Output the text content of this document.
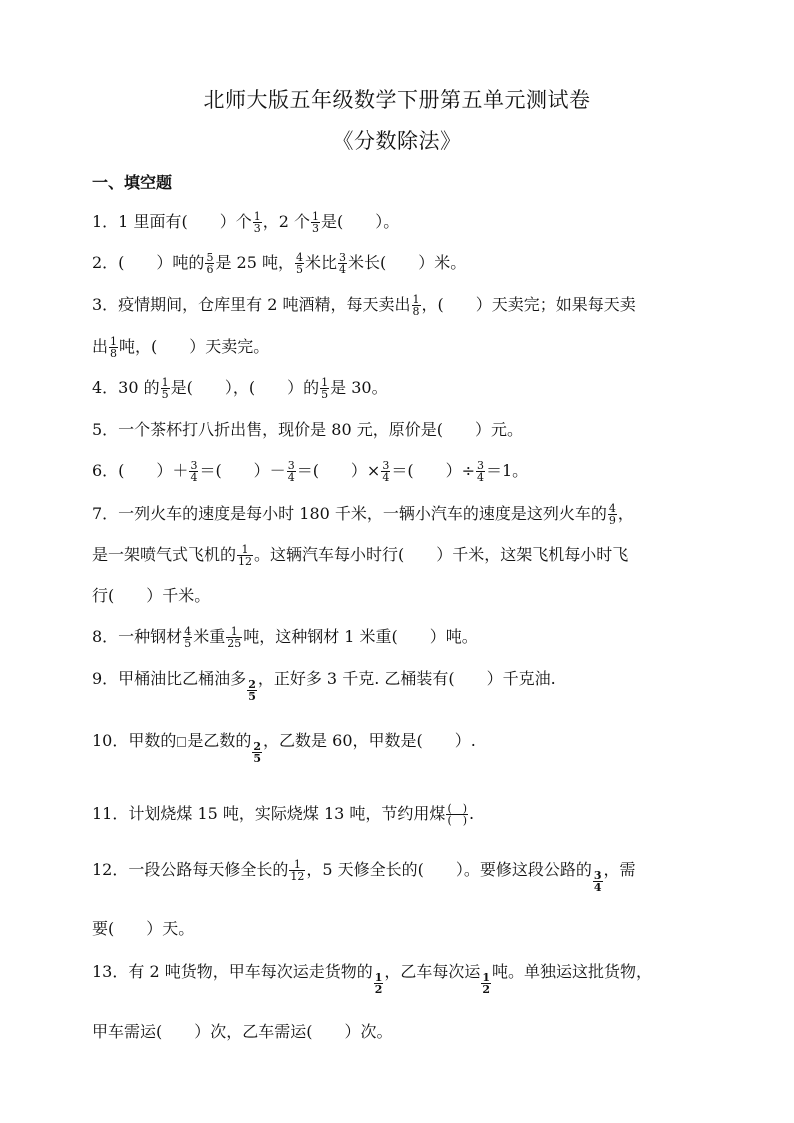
北师大版五年级数学下册第五单元测试卷
《分数除法》
一、填空题
1．1 里面有(　　）个 $\frac{1}{3}$ ，2 个 $\frac{1}{3}$ 是(　　）。
2．(　　）吨的 $\frac{5}{6}$ 是 25 吨， $\frac{4}{5}$ 米比 $\frac{3}{4}$ 米长(　　）米。
3．疫情期间，仓库里有 2 吨酒精，每天卖出 $\frac{1}{8}$ ，(　　）天卖完；如果每天卖
出 $\frac{1}{8}$ 吨，(　　）天卖完。
4．30 的 $\frac{1}{5}$ 是(　　），(　　）的 $\frac{1}{5}$ 是 30。
5．一个茶杯打八折出售，现价是 80 元，原价是(　　）元。
6．(　　）＋ $\frac{3}{4}$ ＝(　　）－ $\frac{3}{4}$ ＝(　　）× $\frac{3}{4}$ ＝(　　）÷ $\frac{3}{4} =1$。
7．一列火车的速度是每小时 180 千米，一辆小汽车的速度是这列火车的 $\frac{4}{9}$ ，
是一架喷气式飞机的 $\frac{1}{12}$ 。这辆汽车每小时行(　　）千米，这架飞机每小时飞
行(　　）千米。
8．一种钢材 $\frac{4}{5}$ 米重 $\frac{1}{25}$ 吨，这种钢材 1 米重(　　）吨。
9．甲桶油比乙桶油多
$\frac{2}{5}$
，正好多 3 千克. 乙桶装有(　　）千克油.
10．甲数的 是乙数的
$\frac{2}{5}$
，乙数是 60，甲数是(　　）.
11．计划烧煤 15 吨，实际烧煤 13 吨，节约用煤 $\frac{( )}{( )}$ .
12．一段公路每天修全长的 $\frac{1}{12}$ ，5 天修全长的(　　）。要修这段公路的
$\frac{3}{4}$
，需
要(　　）天。
13．有 2 吨货物，甲车每次运走货物的
$\frac{1}{2}$
，乙车每次运
$\frac{1}{2}$
吨。单独运这批货物，
甲车需运(　　）次，乙车需运(　　）次。
